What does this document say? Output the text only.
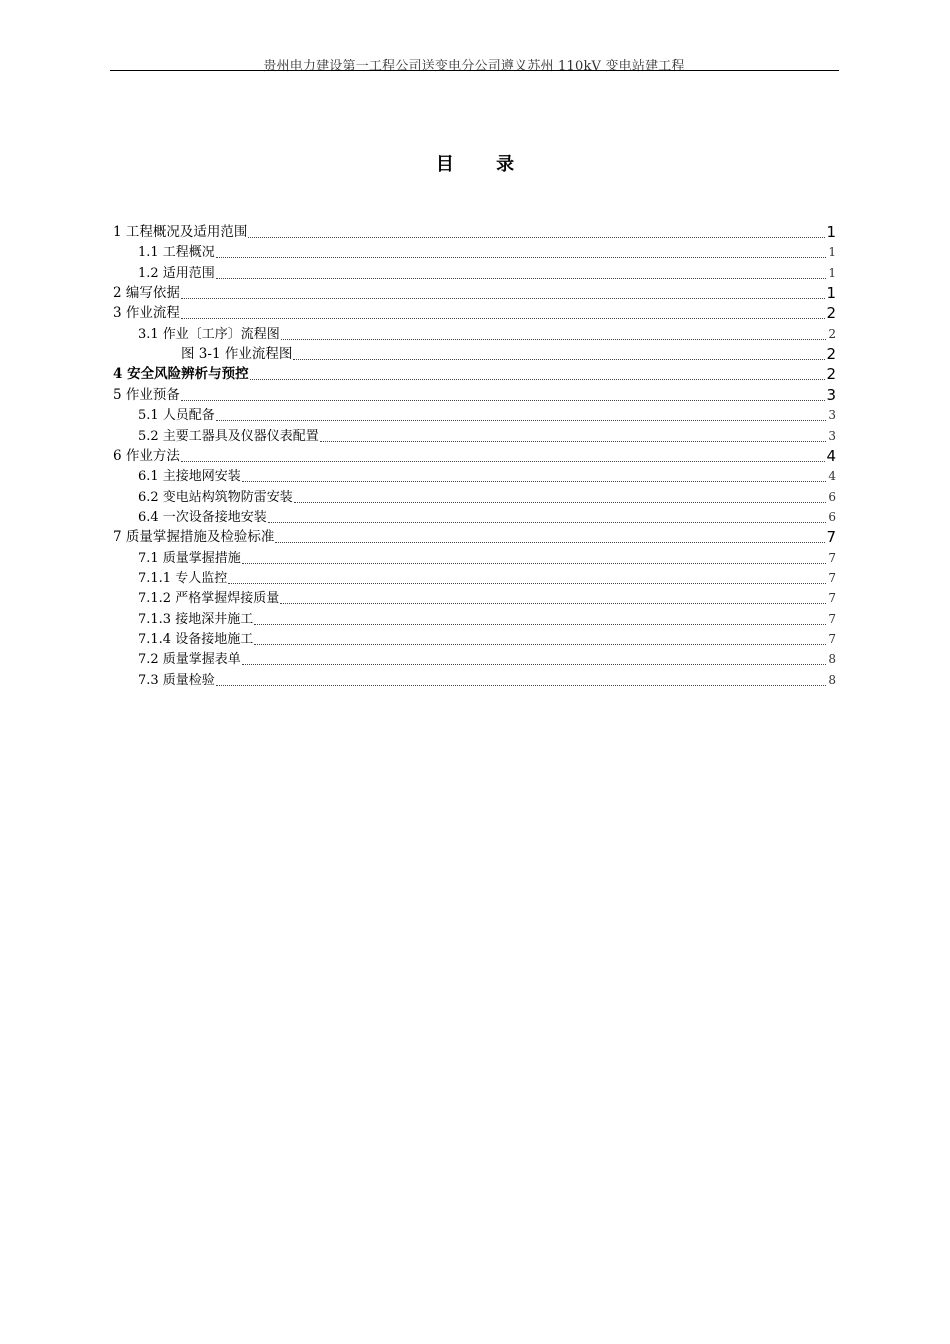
贵州电力建设第一工程公司送变电分公司遵义苏州 110kV 变电站建工程
目 录
1 工程概况及适用范围	1
1.1 工程概况	1
1.2 适用范围	1
2 编写依据	1
3 作业流程	2
3.1 作业〔工序〕流程图	2
图 3-1 作业流程图	2
4 安全风险辨析与预控	2
5 作业预备	3
5.1 人员配备	3
5.2 主要工器具及仪器仪表配置	3
6 作业方法	4
6.1 主接地网安装	4
6.2 变电站构筑物防雷安装	6
6.4 一次设备接地安装	6
7 质量掌握措施及检验标准	7
7.1 质量掌握措施	7
7.1.1 专人监控	7
7.1.2 严格掌握焊接质量	7
7.1.3 接地深井施工	7
7.1.4 设备接地施工	7
7.2 质量掌握表单	8
7.3 质量检验	8
